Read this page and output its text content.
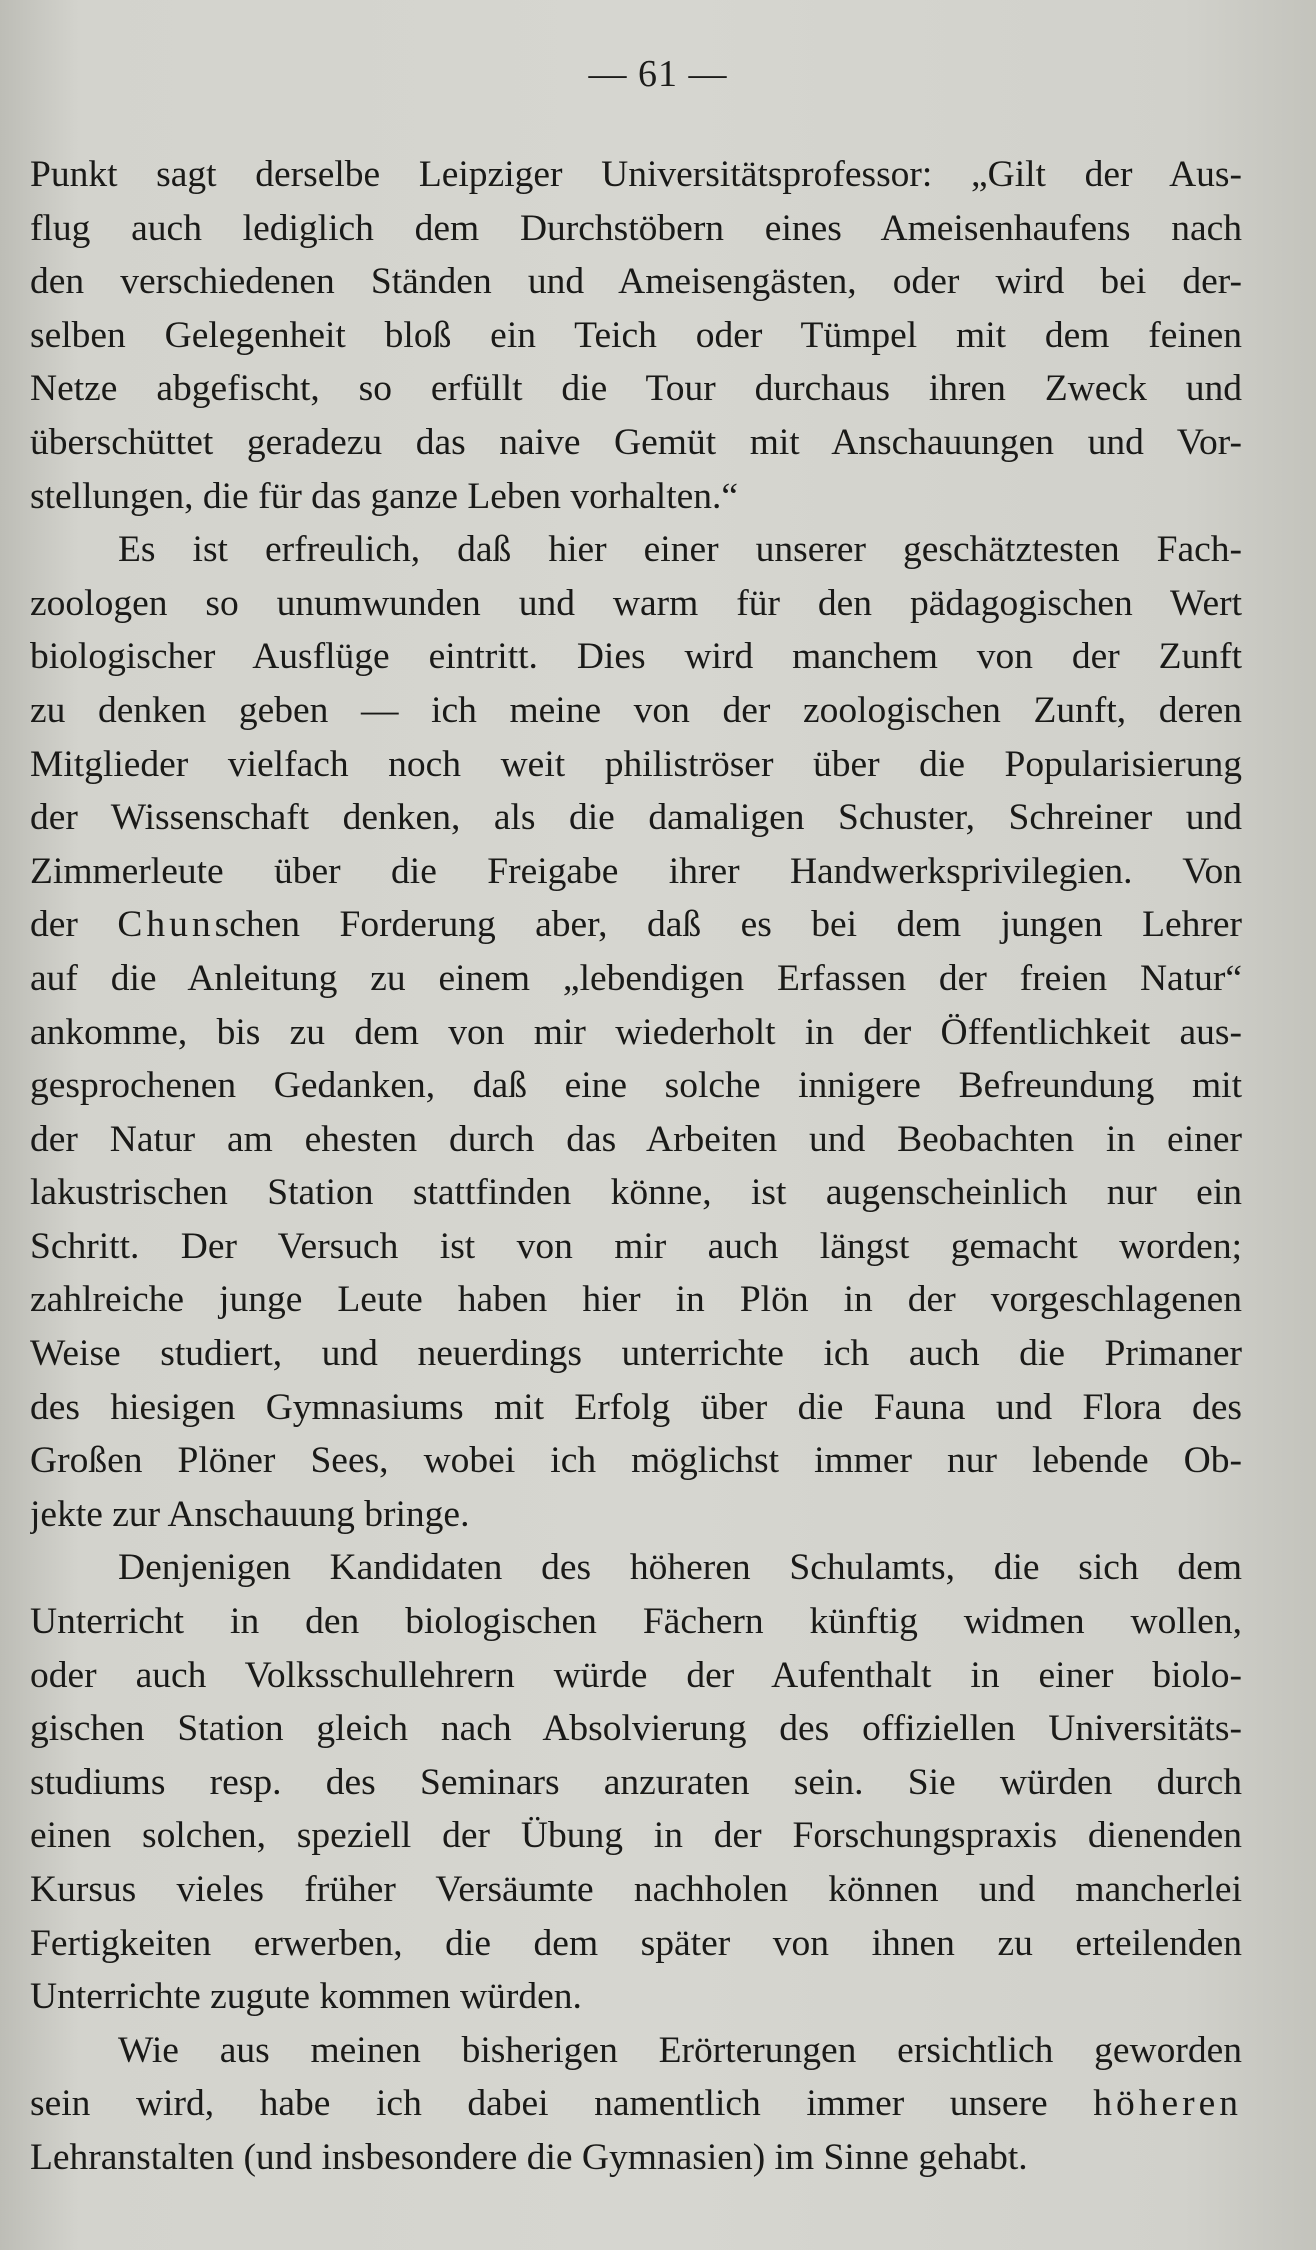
— 61 —
Punkt sagt derselbe Leipziger Universitätsprofessor: „Gilt der Aus-
flug auch lediglich dem Durchstöbern eines Ameisenhaufens nach
den verschiedenen Ständen und Ameisengästen, oder wird bei der-
selben Gelegenheit bloß ein Teich oder Tümpel mit dem feinen
Netze abgefischt, so erfüllt die Tour durchaus ihren Zweck und
überschüttet geradezu das naive Gemüt mit Anschauungen und Vor-
stellungen, die für das ganze Leben vorhalten.“
Es ist erfreulich, daß hier einer unserer geschätztesten Fach-
zoologen so unumwunden und warm für den pädagogischen Wert
biologischer Ausflüge eintritt. Dies wird manchem von der Zunft
zu denken geben — ich meine von der zoologischen Zunft, deren
Mitglieder vielfach noch weit philiströser über die Popularisierung
der Wissenschaft denken, als die damaligen Schuster, Schreiner und
Zimmerleute über die Freigabe ihrer Handwerksprivilegien. Von
der Chunschen Forderung aber, daß es bei dem jungen Lehrer
auf die Anleitung zu einem „lebendigen Erfassen der freien Natur“
ankomme, bis zu dem von mir wiederholt in der Öffentlichkeit aus-
gesprochenen Gedanken, daß eine solche innigere Befreundung mit
der Natur am ehesten durch das Arbeiten und Beobachten in einer
lakustrischen Station stattfinden könne, ist augenscheinlich nur ein
Schritt. Der Versuch ist von mir auch längst gemacht worden;
zahlreiche junge Leute haben hier in Plön in der vorgeschlagenen
Weise studiert, und neuerdings unterrichte ich auch die Primaner
des hiesigen Gymnasiums mit Erfolg über die Fauna und Flora des
Großen Plöner Sees, wobei ich möglichst immer nur lebende Ob-
jekte zur Anschauung bringe.
Denjenigen Kandidaten des höheren Schulamts, die sich dem
Unterricht in den biologischen Fächern künftig widmen wollen,
oder auch Volksschullehrern würde der Aufenthalt in einer biolo-
gischen Station gleich nach Absolvierung des offiziellen Universitäts-
studiums resp. des Seminars anzuraten sein. Sie würden durch
einen solchen, speziell der Übung in der Forschungspraxis dienenden
Kursus vieles früher Versäumte nachholen können und mancherlei
Fertigkeiten erwerben, die dem später von ihnen zu erteilenden
Unterrichte zugute kommen würden.
Wie aus meinen bisherigen Erörterungen ersichtlich geworden
sein wird, habe ich dabei namentlich immer unsere höheren
Lehranstalten (und insbesondere die Gymnasien) im Sinne gehabt.
